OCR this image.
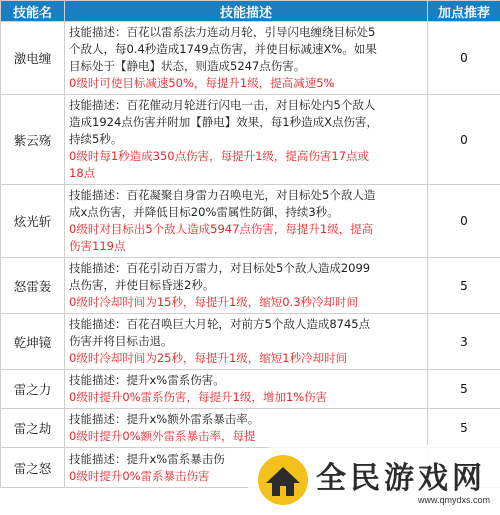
技能名	技能描述	加点推荐
激电缠	技能描述：百花以雷系法力连动月轮，引导闪电缠绕目标处5
个敌人，每0.4秒造成1749点伤害，并使目标减速X%。如果
目标处于【静电】状态，则造成5247点伤害。
0级时可使目标减速50%，每提升1级，提高减速5%	0
紫云殇	技能描述：百花催动月轮进行闪电一击，对目标处内5个敌人
造成1924点伤害并附加【静电】效果，每1秒造成X点伤害，
持续5秒。
0级时每1秒造成350点伤害，每提升1级，提高伤害17点或
18点	0
炫光斩	技能描述：百花凝聚自身雷力召唤电光，对目标处5个敌人造
成x点伤害，并降低目标20%雷属性防御，持续3秒。
0级时对目标出5个敌人造成5947点伤害，每提升1级，提高
伤害119点	0
怒雷轰	技能描述：百花引动百万雷力，对目标处5个敌人造成2099
点伤害，并使目标昏迷2秒。
0级时冷却时间为15秒，每提升1级，缩短0.3秒冷却时间	5
乾坤镜	技能描述：百花召唤巨大月轮，对前方5个敌人造成8745点
伤害并将目标击退。
0级时冷却时间为25秒，每提升1级，缩短1秒冷却时间	3
雷之力	技能描述：提升x%雷系伤害。
0级时提升0%雷系伤害，每提升1级，增加1%伤害	5
雷之劫	技能描述：提升x%额外雷系暴击率。
0级时提升0%额外雷系暴击率，每提	5
雷之怒	技能描述：提升x%雷系暴击伤
0级时提升0%雷系暴击伤害	
		全民游戏网
www.qmydxs.com
